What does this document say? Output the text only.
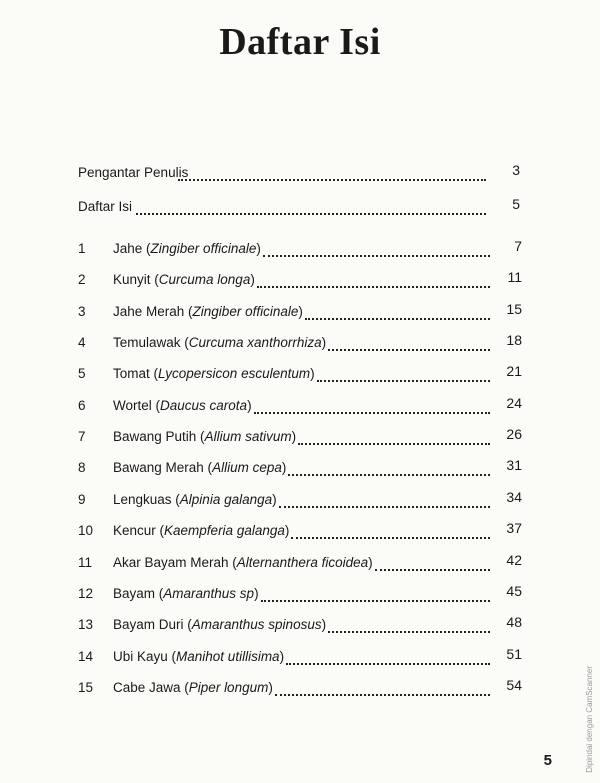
Daftar Isi
Pengantar Penulis	3
Daftar Isi	5
1	Jahe (Zingiber officinale)	7
2	Kunyit (Curcuma longa)	11
3	Jahe Merah (Zingiber officinale)	15
4	Temulawak (Curcuma xanthorrhiza)	18
5	Tomat (Lycopersicon esculentum)	21
6	Wortel (Daucus carota)	24
7	Bawang Putih (Allium sativum)	26
8	Bawang Merah (Allium cepa)	31
9	Lengkuas (Alpinia galanga)	34
10	Kencur (Kaempferia galanga)	37
11	Akar Bayam Merah (Alternanthera ficoidea)	42
12	Bayam (Amaranthus sp)	45
13	Bayam Duri (Amaranthus spinosus)	48
14	Ubi Kayu (Manihot utillisima)	51
15	Cabe Jawa (Piper longum)	54
5	Dipindai dengan CamScanner
